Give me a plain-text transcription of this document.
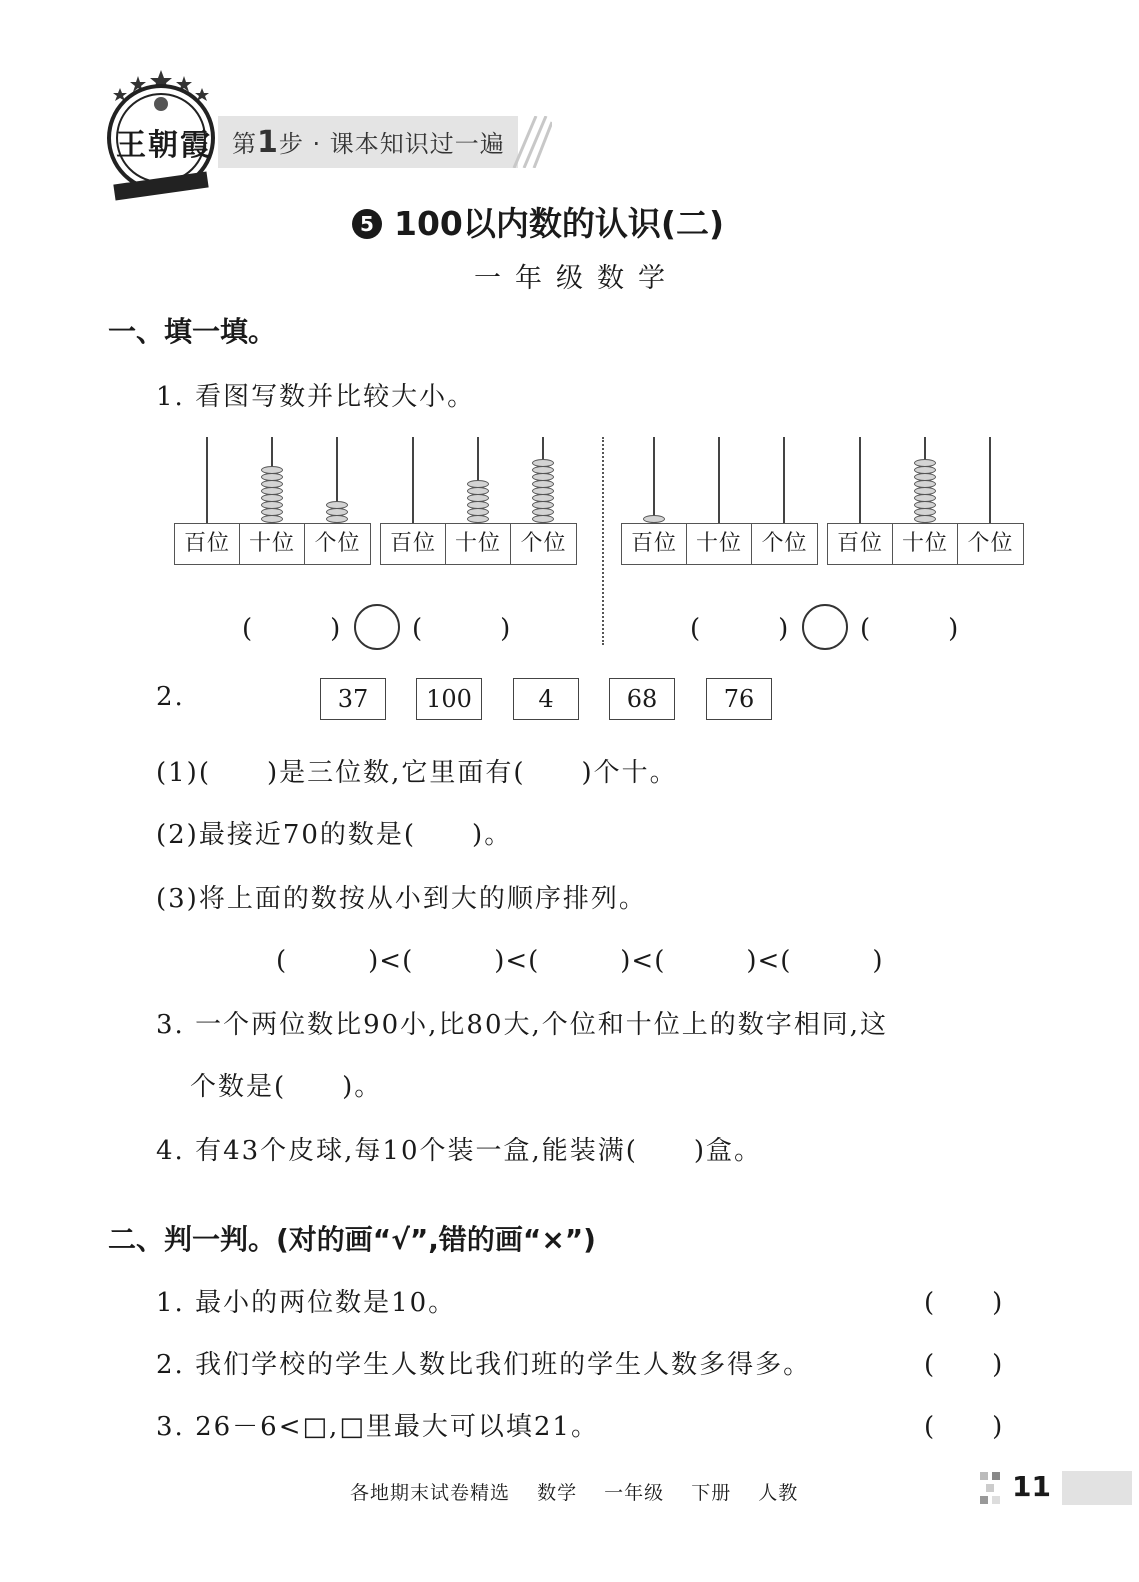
王朝霞 第1步 · 课本知识过一遍
5 100以内数的认识(二)
一年级数学
一、填一填。
1. 看图写数并比较大小。
百位 十位 个位	百位 十位 个位	百位 十位 个位	百位 十位 个位
(　　　)	(　　　)	(　　　)	(　　　)
2.	37	100	4	68	76
(1)(　　)是三位数,它里面有(　　)个十。
(2)最接近70的数是(　　)。
(3)将上面的数按从小到大的顺序排列。
(　　　)<(　　　)<(　　　)<(　　　)<(　　　)
3. 一个两位数比90小,比80大,个位和十位上的数字相同,这
个数是(　　)。
4. 有43个皮球,每10个装一盒,能装满(　　)盒。
二、判一判。(对的画“√”,错的画“×”)
1. 最小的两位数是10。	(　　)
2. 我们学校的学生人数比我们班的学生人数多得多。	(　　)
3. 26－6<□,□里最大可以填21。	(　　)
各地期末试卷精选 数学 一年级 下册 人教	11
